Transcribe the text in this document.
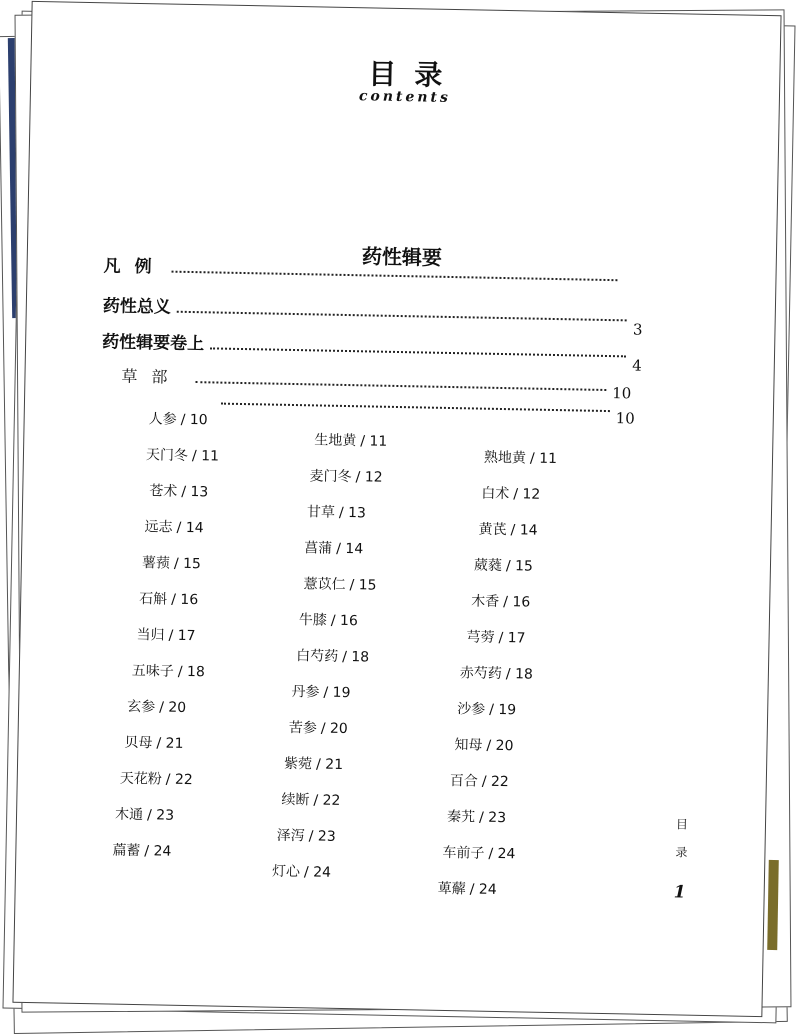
目录
contents
药性辑要
凡例
药性总义
3
药性辑要卷上
4
草部
10
10
人参 / 10
天门冬 / 11
苍术 / 13
远志 / 14
薯蓣 / 15
石斛 / 16
当归 / 17
五味子 / 18
玄参 / 20
贝母 / 21
天花粉 / 22
木通 / 23
萹蓄 / 24
生地黄 / 11
麦门冬 / 12
甘草 / 13
菖蒲 / 14
薏苡仁 / 15
牛膝 / 16
白芍药 / 18
丹参 / 19
苦参 / 20
紫菀 / 21
续断 / 22
泽泻 / 23
灯心 / 24
熟地黄 / 11
白术 / 12
黄芪 / 14
葳蕤 / 15
木香 / 16
芎䓖 / 17
赤芍药 / 18
沙参 / 19
知母 / 20
百合 / 22
秦艽 / 23
车前子 / 24
萆薢 / 24
目
录
1
